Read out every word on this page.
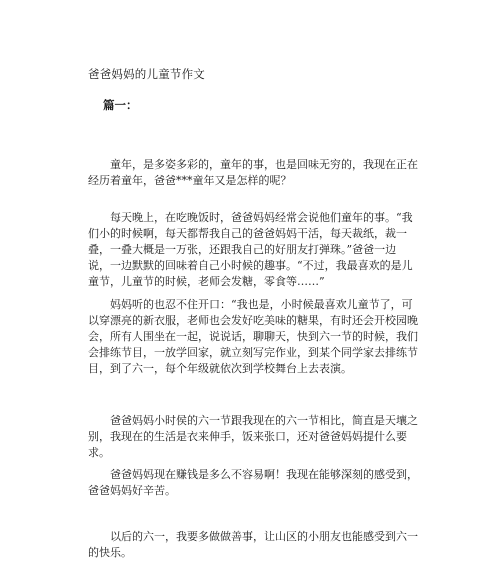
爸爸妈妈的儿童节作文
篇一：

童年，是多姿多彩的，童年的事，也是回味无穷的，我现在正在经历着童年，爸爸***童年又是怎样的呢？

每天晚上，在吃晚饭时，爸爸妈妈经常会说他们童年的事。“我们小的时候啊，每天都帮我自己的爸爸妈妈干活，每天裁纸，裁一叠，一叠大概是一万张，还跟我自己的好朋友打弹珠。”爸爸一边说，一边默默的回味着自己小时候的趣事。“不过，我最喜欢的是儿童节，儿童节的时候，老师会发糖，零食等……”

妈妈听的也忍不住开口：“我也是，小时候最喜欢儿童节了，可以穿漂亮的新衣服，老师也会发好吃美味的糖果，有时还会开校园晚会，所有人围坐在一起，说说话，聊聊天，快到六一节的时候，我们会排练节目，一放学回家，就立刻写完作业，到某个同学家去排练节目，到了六一，每个年级就依次到学校舞台上去表演。

爸爸妈妈小时侯的六一节跟我现在的六一节相比，简直是天壤之别，我现在的生活是衣来伸手，饭来张口，还对爸爸妈妈提什么要求。

爸爸妈妈现在赚钱是多么不容易啊！我现在能够深刻的感受到，爸爸妈妈好辛苦。

以后的六一，我要多做做善事，让山区的小朋友也能感受到六一的快乐。
